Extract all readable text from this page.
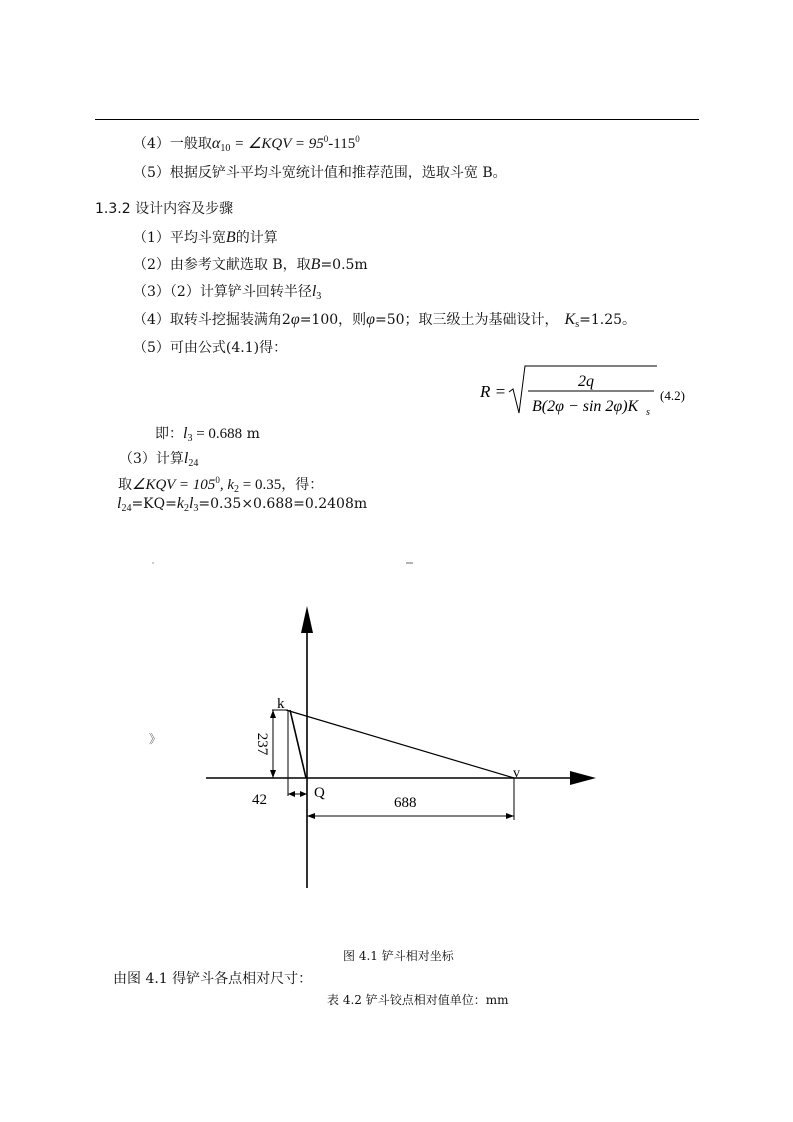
（4）一般取$\alpha_{10}$ = ∠KQV = $95^0-115^0$
（5）根据反铲斗平均斗宽统计值和推荐范围，选取斗宽 B。
1.3.2 设计内容及步骤
（1）平均斗宽B的计算
（2）由参考文献选取 B，取B=0.5m
（3）（2）计算铲斗回转半径$l_3$
（4）取转斗挖掘装满角2φ=100，则φ=50；取三级土为基础设计， $K_s=1.25$。
（5）可由公式(4.1)得：
R =
2q
B(2φ − sin 2φ)K s
(4.2)
即：$l_3 = 0.688$ m
（3）计算$l_{24}$
取∠KQV = $105^0$, $k_2 = 0.35$，得：
$l_{24}=KQ=k_2l_3=0.35\times 0.688=0.2408m$
》	237
42	688
k
Q
v
图 4.1 铲斗相对坐标
由图 4.1 得铲斗各点相对尺寸：
表 4.2 铲斗铰点相对值单位：mm
